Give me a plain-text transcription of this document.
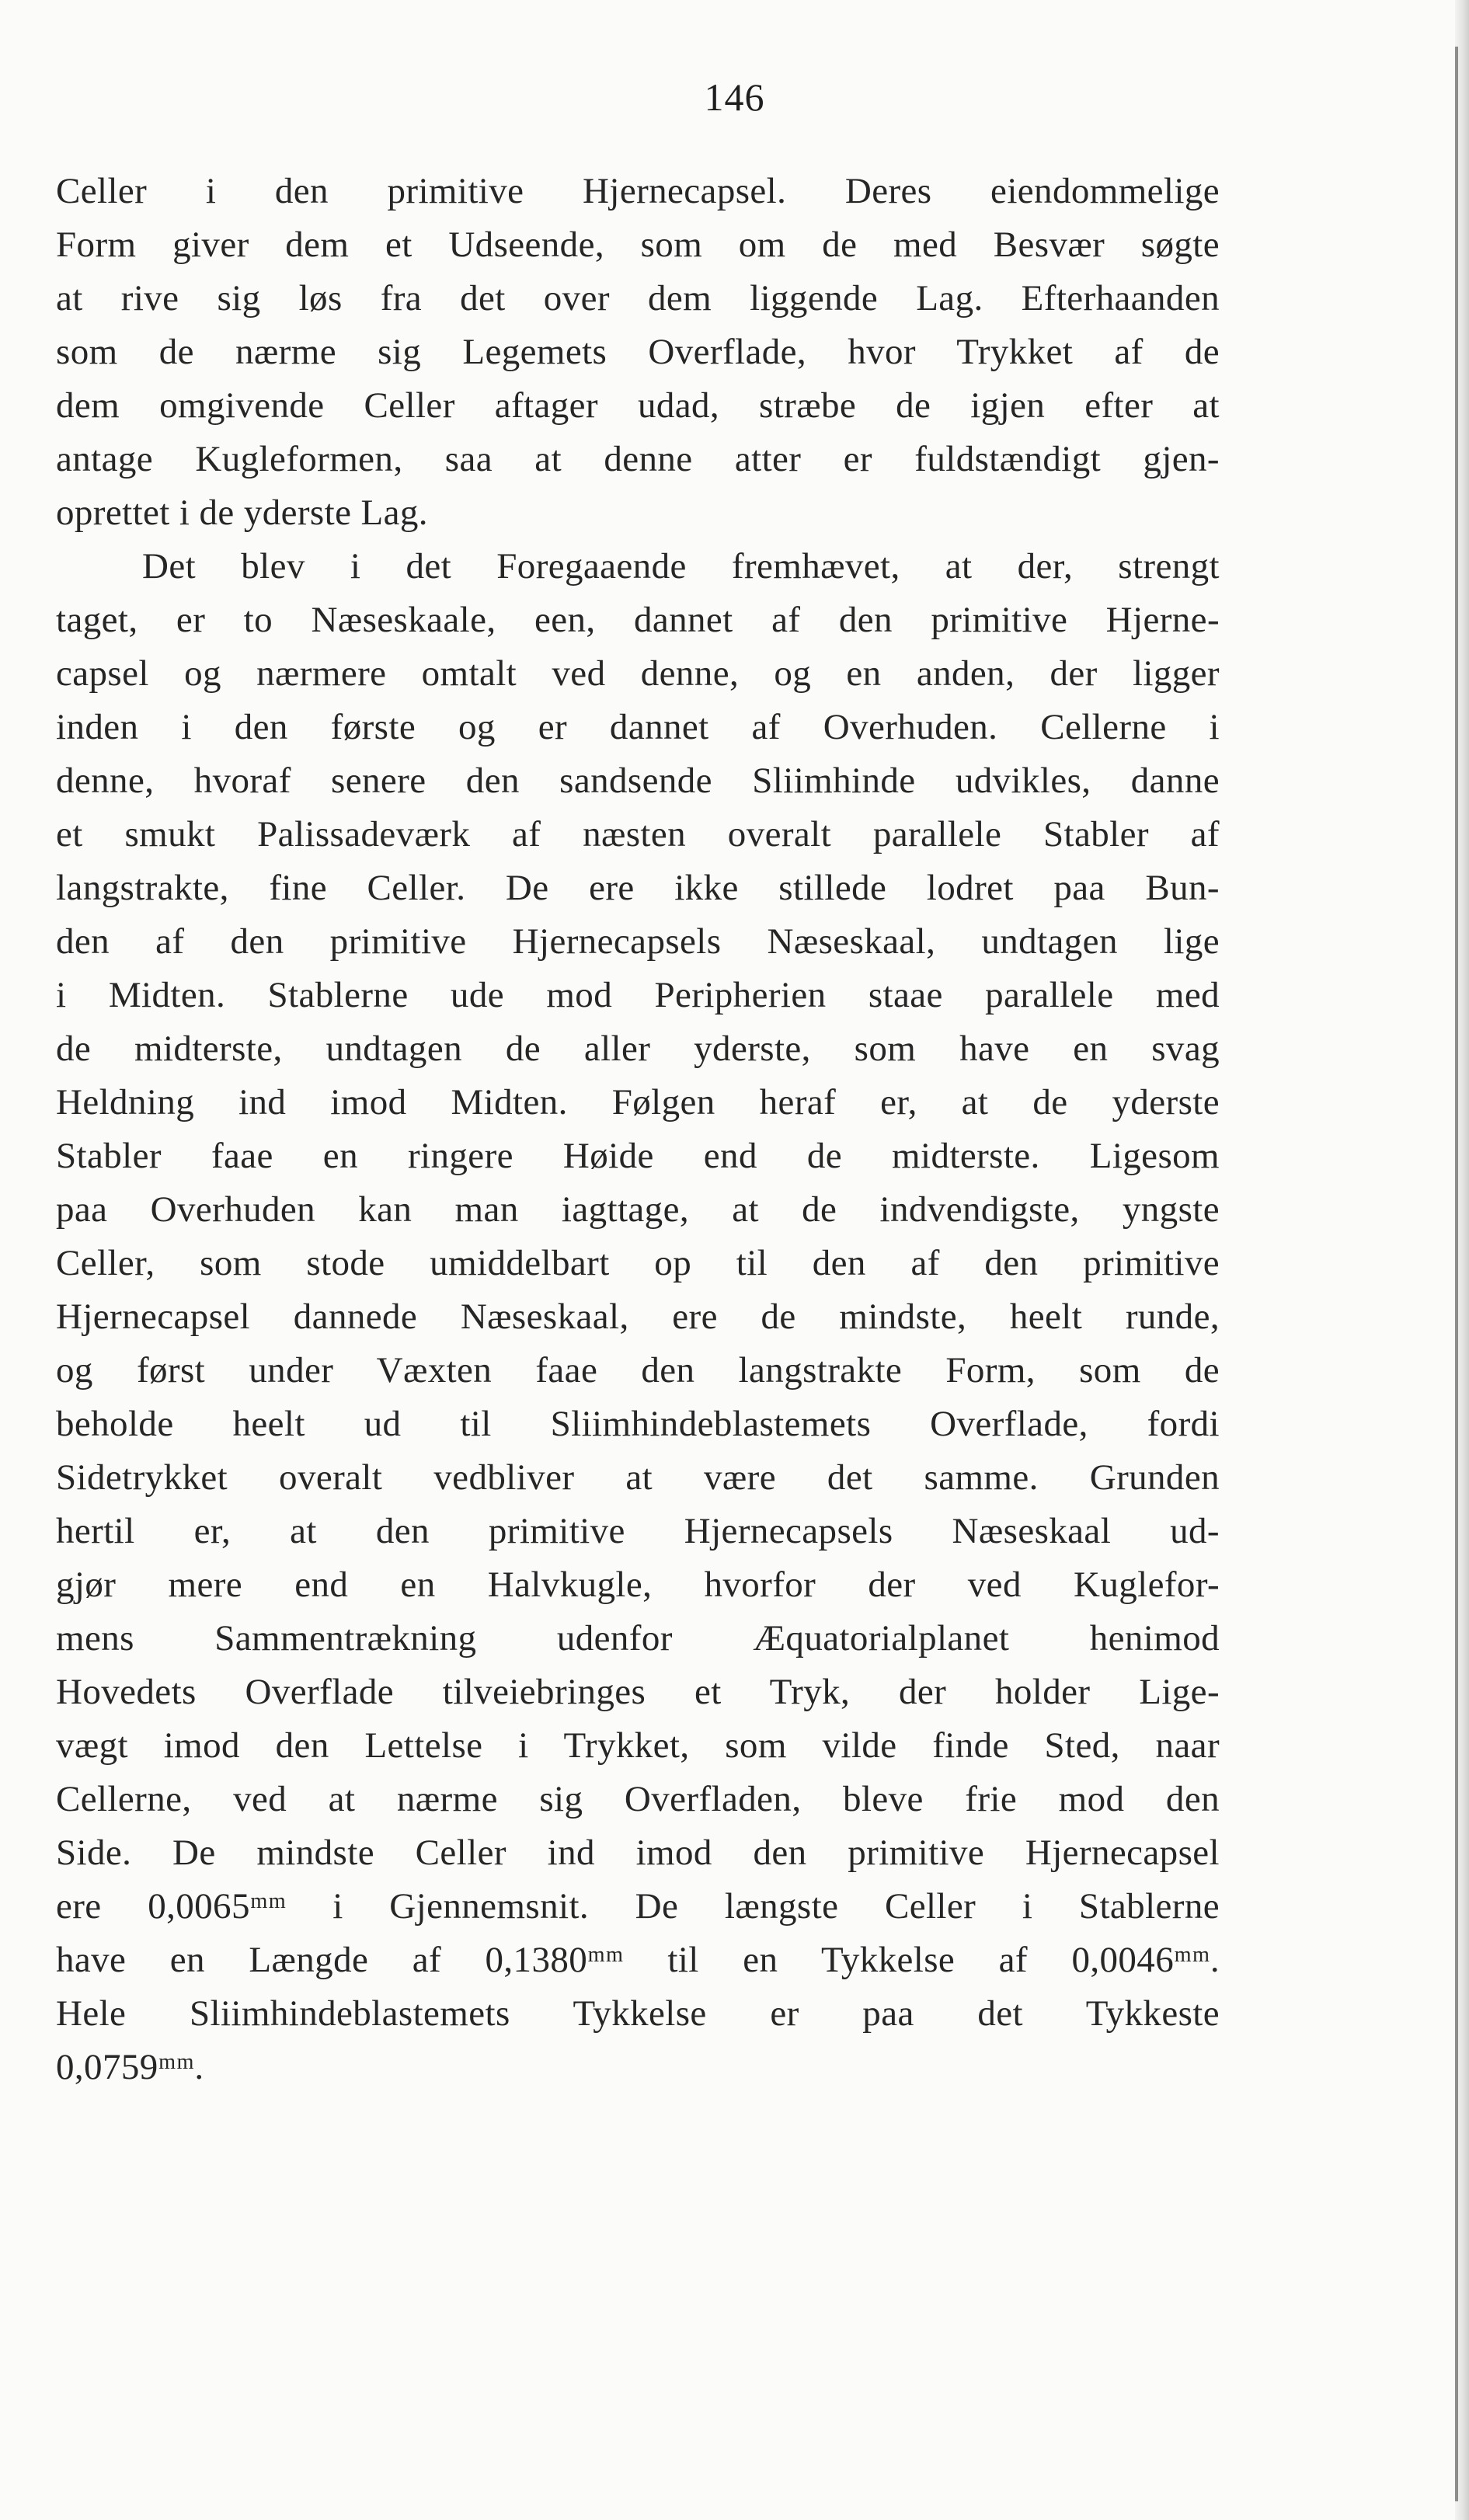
146
Celler i den primitive Hjernecapsel. Deres eiendommelige
Form giver dem et Udseende, som om de med Besvær søgte
at rive sig løs fra det over dem liggende Lag. Efterhaanden
som de nærme sig Legemets Overflade, hvor Trykket af de
dem omgivende Celler aftager udad, stræbe de igjen efter at
antage Kugleformen, saa at denne atter er fuldstændigt gjen-
oprettet i de yderste Lag.
Det blev i det Foregaaende fremhævet, at der, strengt
taget, er to Næseskaale, een, dannet af den primitive Hjerne-
capsel og nærmere omtalt ved denne, og en anden, der ligger
inden i den første og er dannet af Overhuden. Cellerne i
denne, hvoraf senere den sandsende Sliimhinde udvikles, danne
et smukt Palissadeværk af næsten overalt parallele Stabler af
langstrakte, fine Celler. De ere ikke stillede lodret paa Bun-
den af den primitive Hjernecapsels Næseskaal, undtagen lige
i Midten. Stablerne ude mod Peripherien staae parallele med
de midterste, undtagen de aller yderste, som have en svag
Heldning ind imod Midten. Følgen heraf er, at de yderste
Stabler faae en ringere Høide end de midterste. Ligesom
paa Overhuden kan man iagttage, at de indvendigste, yngste
Celler, som stode umiddelbart op til den af den primitive
Hjernecapsel dannede Næseskaal, ere de mindste, heelt runde,
og først under Væxten faae den langstrakte Form, som de
beholde heelt ud til Sliimhindeblastemets Overflade, fordi
Sidetrykket overalt vedbliver at være det samme. Grunden
hertil er, at den primitive Hjernecapsels Næseskaal ud-
gjør mere end en Halvkugle, hvorfor der ved Kuglefor-
mens Sammentrækning udenfor Æquatorialplanet henimod
Hovedets Overflade tilveiebringes et Tryk, der holder Lige-
vægt imod den Lettelse i Trykket, som vilde finde Sted, naar
Cellerne, ved at nærme sig Overfladen, bleve frie mod den
Side. De mindste Celler ind imod den primitive Hjernecapsel
ere 0,0065ᵐᵐ i Gjennemsnit. De længste Celler i Stablerne
have en Længde af 0,1380ᵐᵐ til en Tykkelse af 0,0046ᵐᵐ.
Hele Sliimhindeblastemets Tykkelse er paa det Tykkeste
0,0759ᵐᵐ.
